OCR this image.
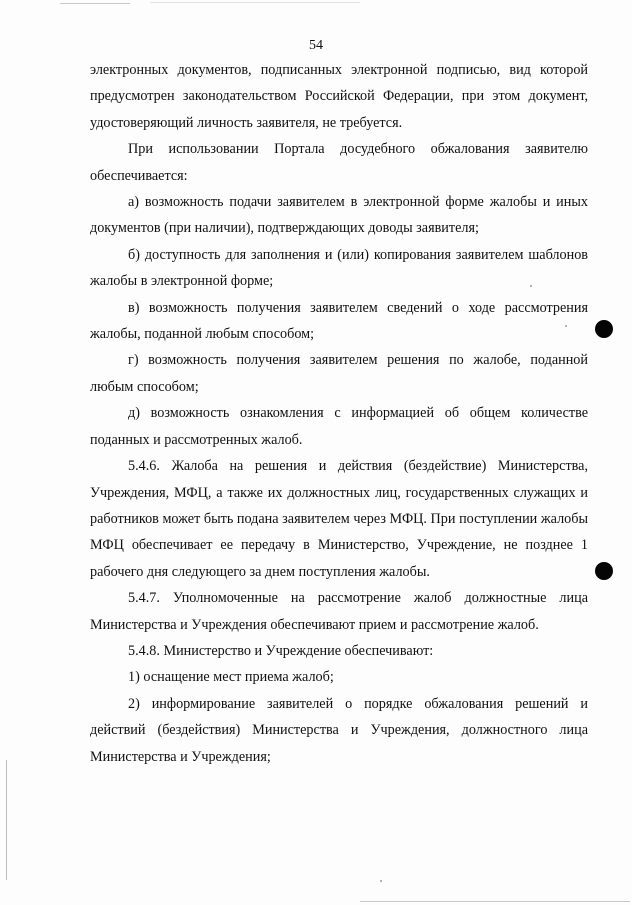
54

электронных документов, подписанных электронной подписью, вид которой предусмотрен законодательством Российской Федерации, при этом документ, удостоверяющий личность заявителя, не требуется.

При использовании Портала досудебного обжалования заявителю обеспечивается:

а) возможность подачи заявителем в электронной форме жалобы и иных документов (при наличии), подтверждающих доводы заявителя;

б) доступность для заполнения и (или) копирования заявителем шаблонов жалобы в электронной форме;

в) возможность получения заявителем сведений о ходе рассмотрения жалобы, поданной любым способом;

г) возможность получения заявителем решения по жалобе, поданной любым способом;

д) возможность ознакомления с информацией об общем количестве поданных и рассмотренных жалоб.

5.4.6. Жалоба на решения и действия (бездействие) Министерства, Учреждения, МФЦ, а также их должностных лиц, государственных служащих и работников может быть подана заявителем через МФЦ. При поступлении жалобы МФЦ обеспечивает ее передачу в Министерство, Учреждение, не позднее 1 рабочего дня следующего за днем поступления жалобы.

5.4.7. Уполномоченные на рассмотрение жалоб должностные лица Министерства и Учреждения обеспечивают прием и рассмотрение жалоб.

5.4.8. Министерство и Учреждение обеспечивают:

1) оснащение мест приема жалоб;

2) информирование заявителей о порядке обжалования решений и действий (бездействия) Министерства и Учреждения, должностного лица Министерства и Учреждения;
